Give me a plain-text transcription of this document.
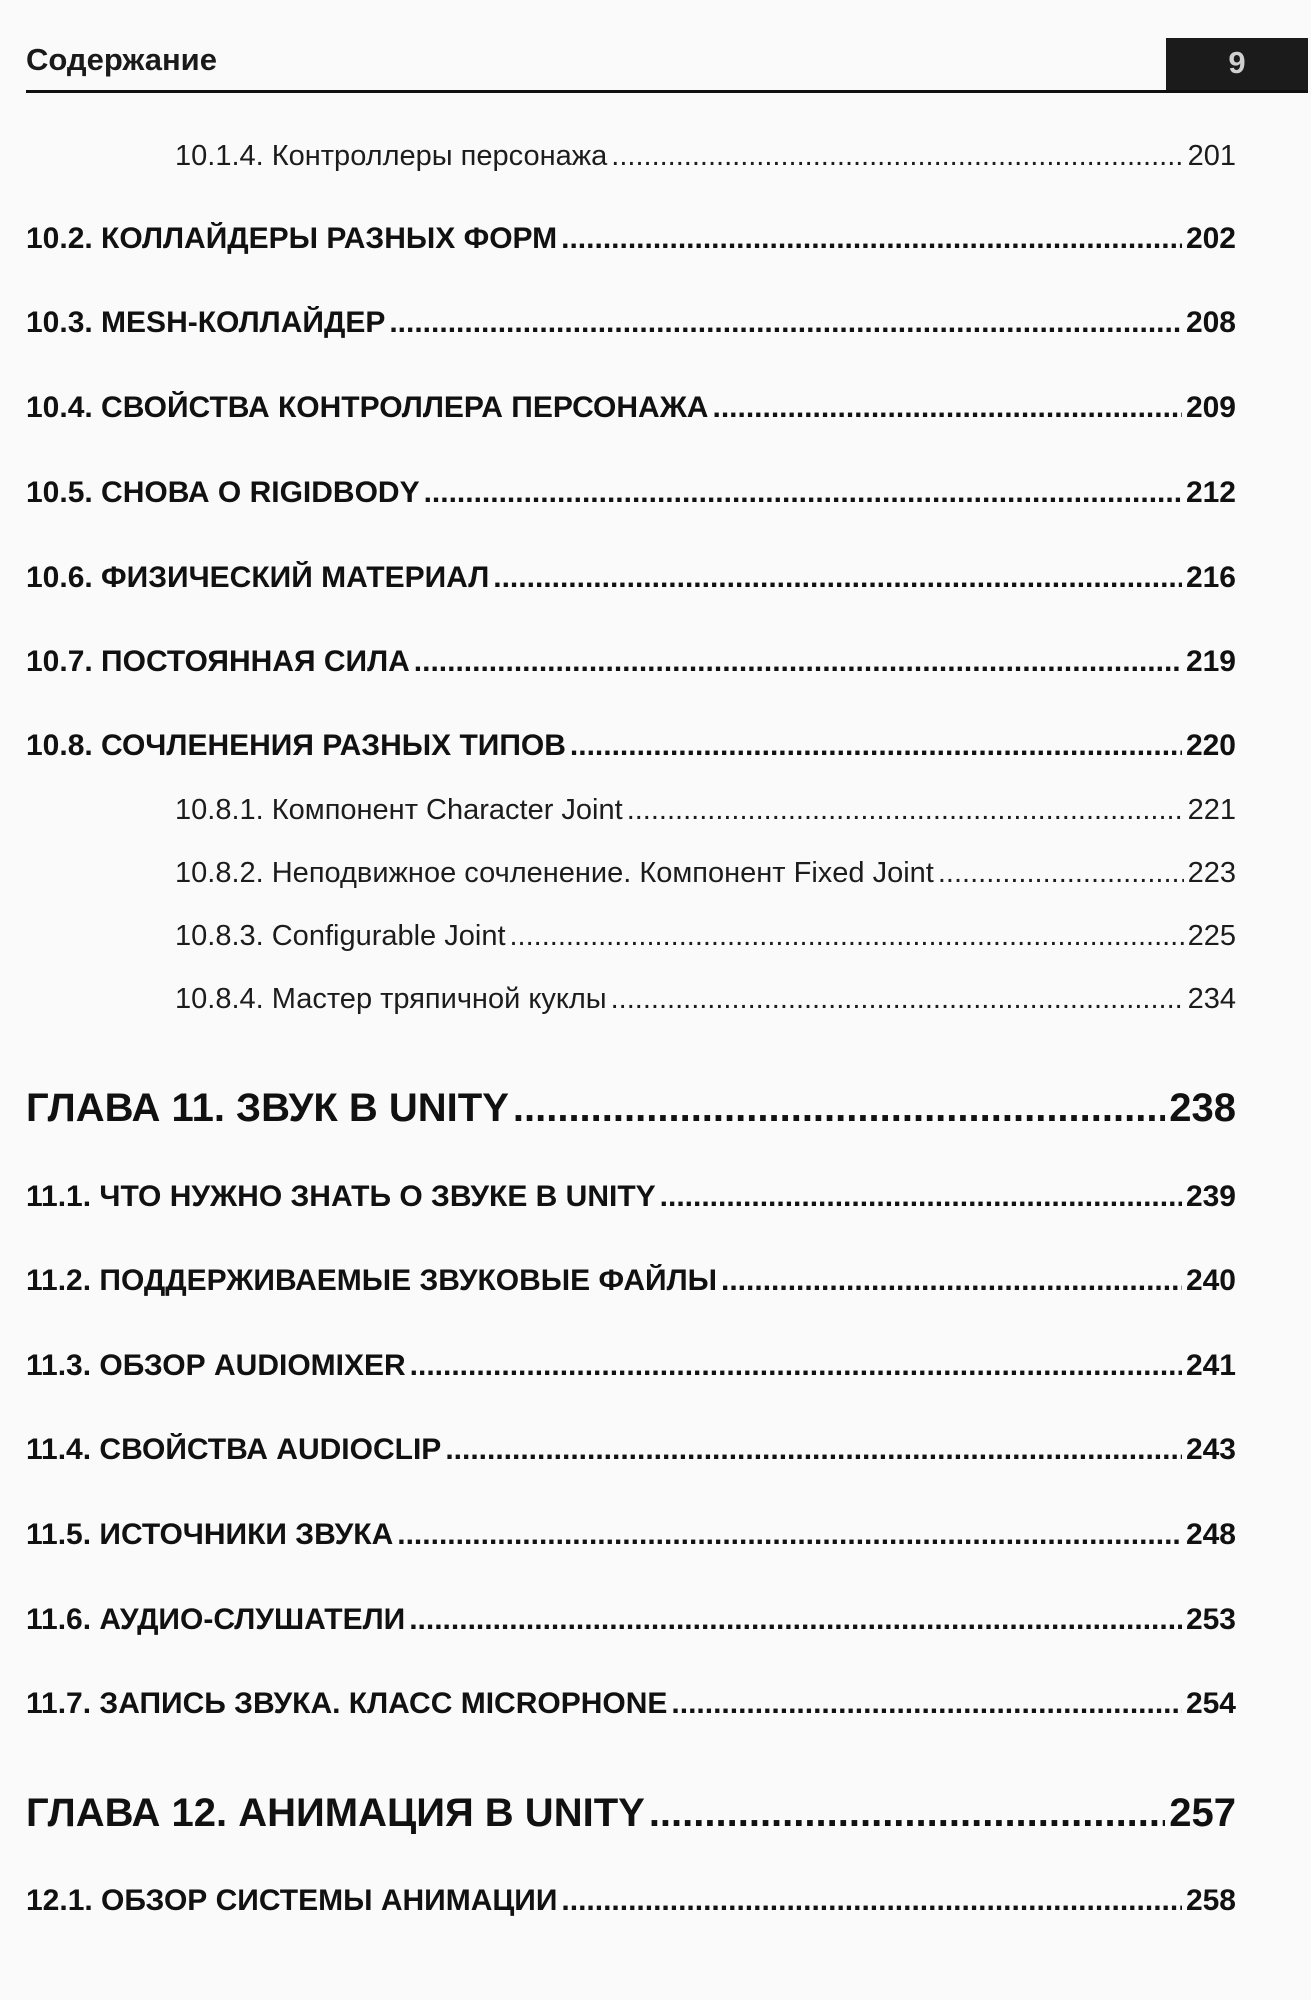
Содержание	9
10.1.4. Контроллеры персонажа .....	201
10.2. КОЛЛАЙДЕРЫ РАЗНЫХ ФОРМ .....	202
10.3. MESH-КОЛЛАЙДЕР .....	208
10.4. СВОЙСТВА КОНТРОЛЛЕРА ПЕРСОНАЖА .....	209
10.5. СНОВА О RIGIDBODY .....	212
10.6. ФИЗИЧЕСКИЙ МАТЕРИАЛ .....	216
10.7. ПОСТОЯННАЯ СИЛА .....	219
10.8. СОЧЛЕНЕНИЯ РАЗНЫХ ТИПОВ .....	220
10.8.1. Компонент Character Joint .....	221
10.8.2. Неподвижное сочленение. Компонент Fixed Joint .....	223
10.8.3. Configurable Joint .....	225
10.8.4. Мастер тряпичной куклы .....	234
ГЛАВА 11. ЗВУК В UNITY .....	238
11.1. ЧТО НУЖНО ЗНАТЬ О ЗВУКЕ В UNITY .....	239
11.2. ПОДДЕРЖИВАЕМЫЕ ЗВУКОВЫЕ ФАЙЛЫ .....	240
11.3. ОБЗОР AUDIOMIXER .....	241
11.4. СВОЙСТВА AUDIOCLIP .....	243
11.5. ИСТОЧНИКИ ЗВУКА .....	248
11.6. АУДИО-СЛУШАТЕЛИ .....	253
11.7. ЗАПИСЬ ЗВУКА. КЛАСС MICROPHONE .....	254
ГЛАВА 12. АНИМАЦИЯ В UNITY .....	257
12.1. ОБЗОР СИСТЕМЫ АНИМАЦИИ .....	258
